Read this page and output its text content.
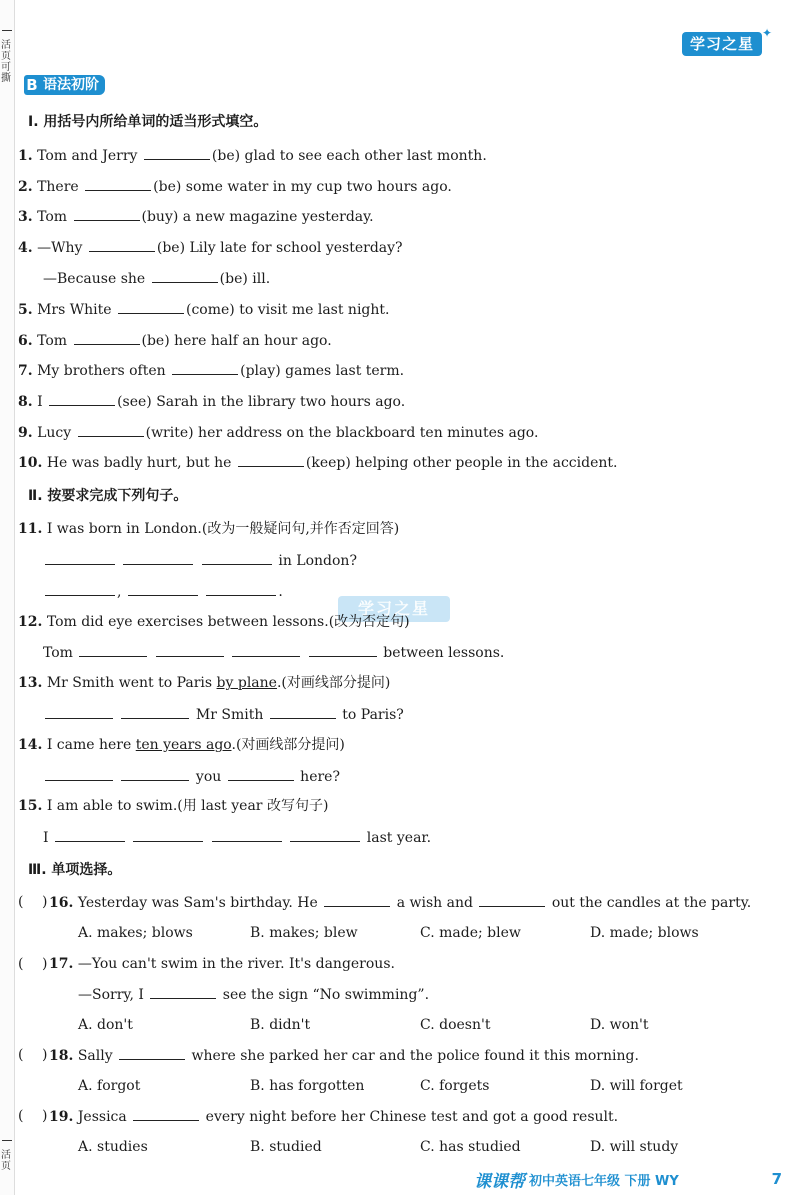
活页可撕
活页
学习之星
✦
B 语法初阶
Ⅰ. 用括号内所给单词的适当形式填空。
1. Tom and Jerry	(be) glad to see each other last month.
2. There	(be) some water in my cup two hours ago.
3. Tom	(buy) a new magazine yesterday.
4. —Why	(be) Lily late for school yesterday?
—Because she	(be) ill.
5. Mrs White	(come) to visit me last night.
6. Tom	(be) here half an hour ago.
7. My brothers often	(play) games last term.
8. I	(see) Sarah in the library two hours ago.
9. Lucy	(write) her address on the blackboard ten minutes ago.
10. He was badly hurt, but he	(keep) helping other people in the accident.
Ⅱ. 按要求完成下列句子。
11. I was born in London.(改为一般疑问句,并作否定回答)
in London?
,	.
学习之星
12. Tom did eye exercises between lessons.(改为否定句)
Tom	between lessons.
13. Mr Smith went to Paris by plane.(对画线部分提问)
Mr Smith	to Paris?
14. I came here ten years ago.(对画线部分提问)
you	here?
15. I am able to swim.(用 last year 改写句子)
I	last year.
Ⅲ. 单项选择。
( ) 16. Yesterday was Sam's birthday. He	a wish and	out the candles at the party.
A. makes; blows	B. makes; blew	C. made; blew	D. made; blows
( ) 17. —You can't swim in the river. It's dangerous.
—Sorry, I	see the sign “No swimming”.
A. don't	B. didn't	C. doesn't	D. won't
( ) 18. Sally	where she parked her car and the police found it this morning.
A. forgot	B. has forgotten	C. forgets	D. will forget
( ) 19. Jessica	every night before her Chinese test and got a good result.
A. studies	B. studied	C. has studied	D. will study
课课帮 初中英语七年级 下册 WY	7
